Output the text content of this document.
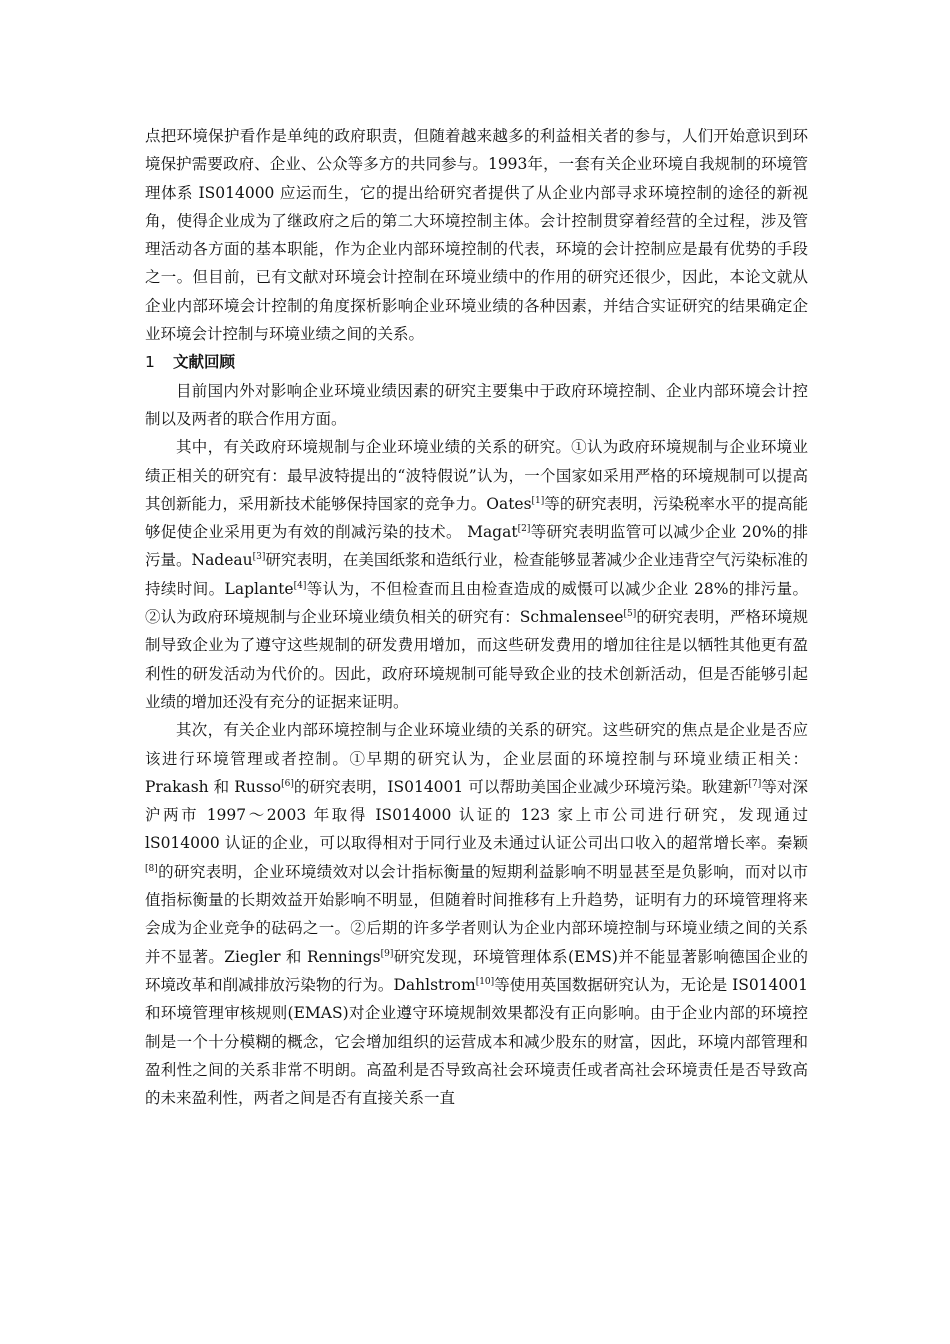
点把环境保护看作是单纯的政府职责，但随着越来越多的利益相关者的参与，人们开始意识到环境保护需要政府、企业、公众等多方的共同参与。1993年，一套有关企业环境自我规制的环境管理体系 IS014000 应运而生，它的提出给研究者提供了从企业内部寻求环境控制的途径的新视角，使得企业成为了继政府之后的第二大环境控制主体。会计控制贯穿着经营的全过程，涉及管理活动各方面的基本职能，作为企业内部环境控制的代表，环境的会计控制应是最有优势的手段之一。但目前，已有文献对环境会计控制在环境业绩中的作用的研究还很少，因此，本论文就从企业内部环境会计控制的角度探析影响企业环境业绩的各种因素，并结合实证研究的结果确定企业环境会计控制与环境业绩之间的关系。

1 文献回顾

目前国内外对影响企业环境业绩因素的研究主要集中于政府环境控制、企业内部环境会计控制以及两者的联合作用方面。

其中，有关政府环境规制与企业环境业绩的关系的研究。①认为政府环境规制与企业环境业绩正相关的研究有：最早波特提出的“波特假说”认为，一个国家如采用严格的环境规制可以提高其创新能力，采用新技术能够保持国家的竞争力。Oates[1]等的研究表明，污染税率水平的提高能够促使企业采用更为有效的削减污染的技术。 Magat[2]等研究表明监管可以减少企业 20%的排污量。Nadeau[3]研究表明，在美国纸浆和造纸行业，检查能够显著减少企业违背空气污染标准的持续时间。Laplante[4]等认为，不但检查而且由检查造成的威慑可以减少企业 28%的排污量。②认为政府环境规制与企业环境业绩负相关的研究有：Schmalensee[5]的研究表明，严格环境规制导致企业为了遵守这些规制的研发费用增加，而这些研发费用的增加往往是以牺牲其他更有盈利性的研发活动为代价的。因此，政府环境规制可能导致企业的技术创新活动，但是否能够引起业绩的增加还没有充分的证据来证明。

其次，有关企业内部环境控制与企业环境业绩的关系的研究。这些研究的焦点是企业是否应该进行环境管理或者控制。①早期的研究认为，企业层面的环境控制与环境业绩正相关：Prakash 和 Russo[6]的研究表明，IS014001 可以帮助美国企业减少环境污染。耿建新[7]等对深沪两市 1997～2003 年取得 IS014000 认证的 123 家上市公司进行研究，发现通过 lS014000 认证的企业，可以取得相对于同行业及未通过认证公司出口收入的超常增长率。秦颖[8]的研究表明，企业环境绩效对以会计指标衡量的短期利益影响不明显甚至是负影响，而对以市值指标衡量的长期效益开始影响不明显，但随着时间推移有上升趋势，证明有力的环境管理将来会成为企业竞争的砝码之一。②后期的许多学者则认为企业内部环境控制与环境业绩之间的关系并不显著。Ziegler 和 Rennings[9]研究发现，环境管理体系(EMS)并不能显著影响德国企业的环境改革和削减排放污染物的行为。Dahlstrom[10]等使用英国数据研究认为，无论是 IS014001 和环境管理审核规则(EMAS)对企业遵守环境规制效果都没有正向影响。由于企业内部的环境控制是一个十分模糊的概念，它会增加组织的运营成本和减少股东的财富，因此，环境内部管理和盈利性之间的关系非常不明朗。高盈利是否导致高社会环境责任或者高社会环境责任是否导致高的未来盈利性，两者之间是否有直接关系一直
